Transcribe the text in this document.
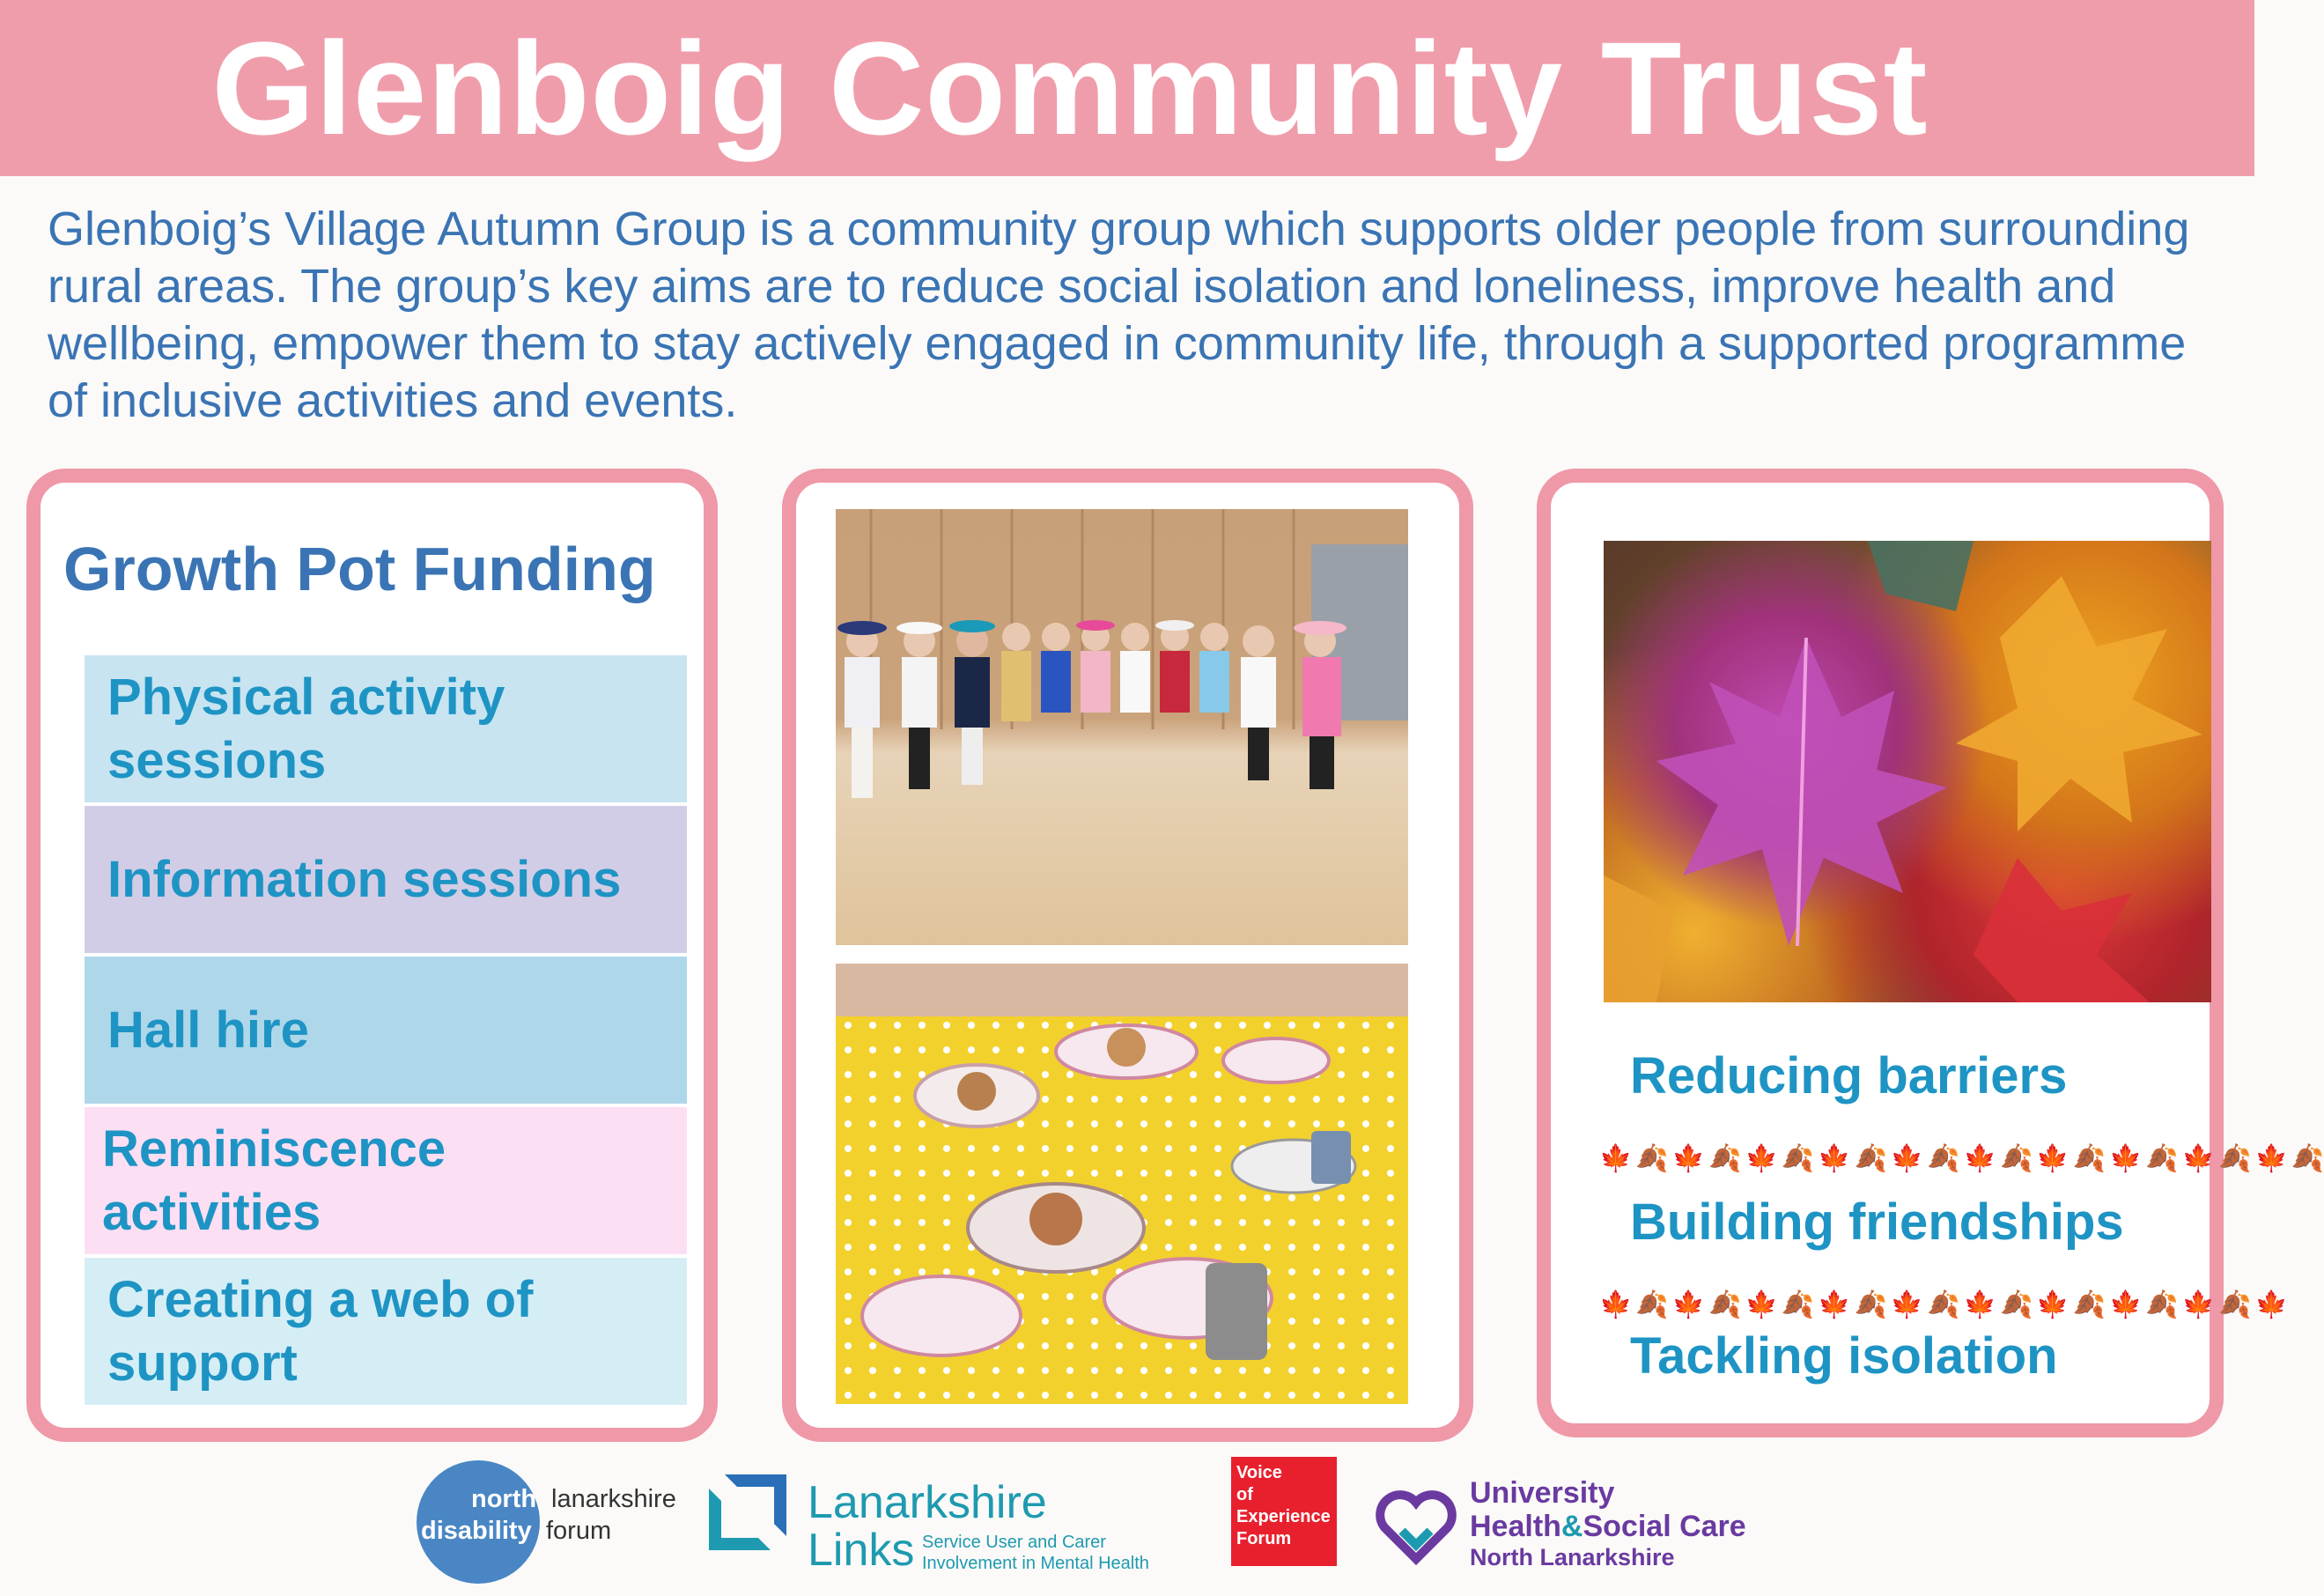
Glenboig Community Trust
Glenboig’s Village Autumn Group is a community group which supports older people from surrounding rural areas. The group’s key aims are to reduce social isolation and loneliness, improve health and wellbeing, empower them to stay actively engaged in community life, through a supported programme of inclusive activities and events.
Growth Pot Funding
Physical activity sessions
Information sessions
Hall hire
Reminiscence activities
Creating a web of support
Reducing barriers
🍁 🍂 🍁 🍂 🍁 🍂 🍁 🍂 🍁 🍂 🍁 🍂 🍁 🍂 🍁 🍂 🍁 🍂 🍁 🍂
Building friendships
🍁 🍂 🍁 🍂 🍁 🍂 🍁 🍂 🍁 🍂 🍁 🍂 🍁 🍂 🍁 🍂 🍁 🍂 🍁
Tackling isolation
north lanarkshire
disability forum
Lanarkshire
Links Service User and Carer
Involvement in Mental Health
Voice
of
Experience
Forum
University
Health&Social Care
North Lanarkshire
